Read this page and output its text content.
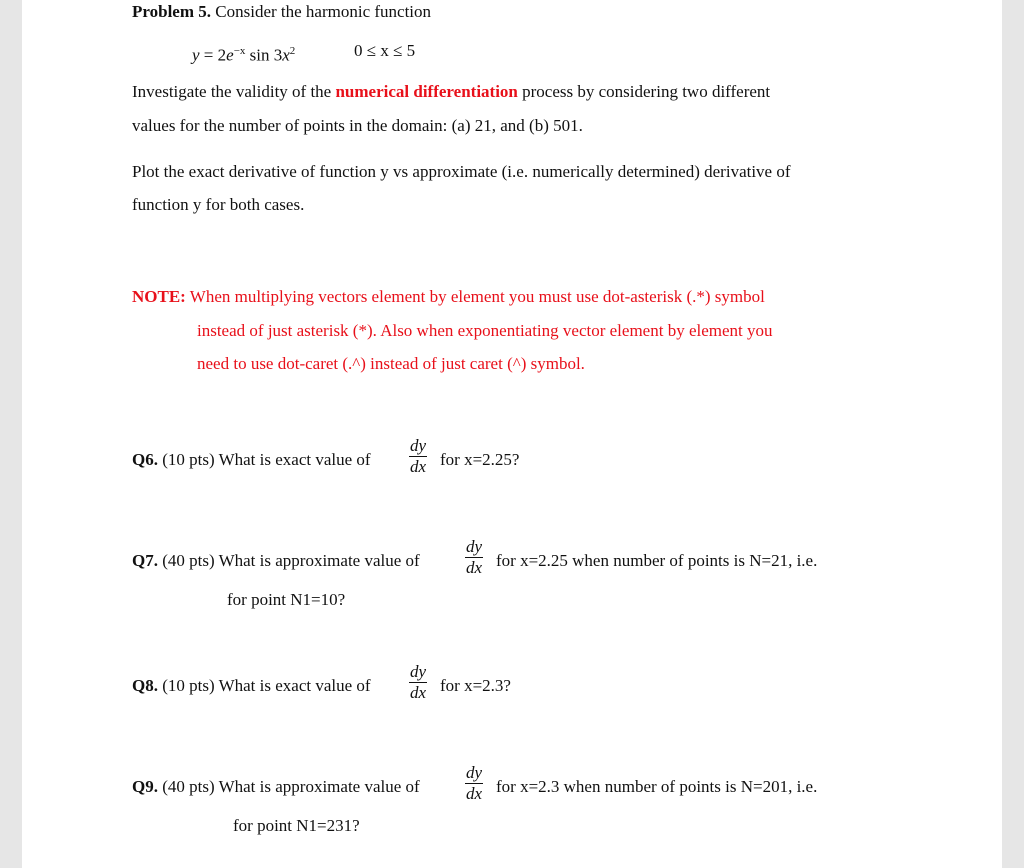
Problem 5. Consider the harmonic function
$y = 2e^{-x}$ $\sin 3x^2$	0 ≤ x ≤ 5
Investigate the validity of the numerical differentiation process by considering two different
values for the number of points in the domain: (a) 21, and (b) 501.
Plot the exact derivative of function y vs approximate (i.e. numerically determined) derivative of
function y for both cases.
NOTE: When multiplying vectors element by element you must use dot-asterisk (.*) symbol
instead of just asterisk (*). Also when exponentiating vector element by element you
need to use dot-caret (.^) instead of just caret (^) symbol.
Q6. (10 pts) What is exact value of $\frac{dy}{dx}$ for x=2.25?
Q7. (40 pts) What is approximate value of	$\frac{dy}{dx}$ for x=2.25 when number of points is N=21, i.e.
for point N1=10?
Q8. (10 pts) What is exact value of $\frac{dy}{dx}$ for x=2.3?
Q9. (40 pts) What is approximate value of	$\frac{dy}{dx}$ for x=2.3 when number of points is N=201, i.e.
for point N1=231?
